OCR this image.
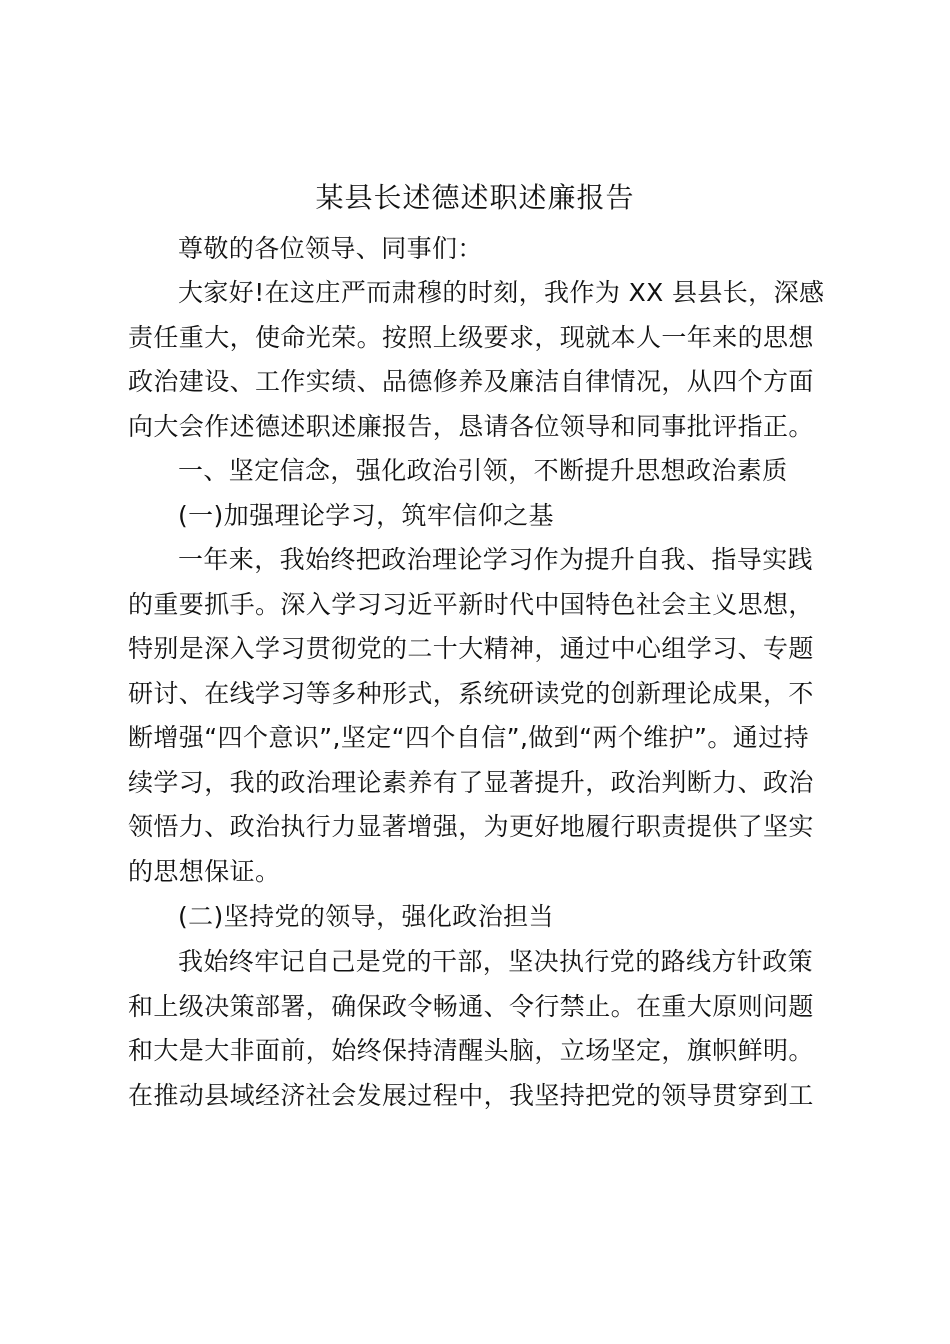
某县长述德述职述廉报告
尊敬的各位领导、同事们：
大家好!在这庄严而肃穆的时刻，我作为 XX 县县长，深感
责任重大，使命光荣。按照上级要求，现就本人一年来的思想
政治建设、工作实绩、品德修养及廉洁自律情况，从四个方面
向大会作述德述职述廉报告，恳请各位领导和同事批评指正。
一、坚定信念，强化政治引领，不断提升思想政治素质
(一)加强理论学习，筑牢信仰之基
一年来，我始终把政治理论学习作为提升自我、指导实践
的重要抓手。深入学习习近平新时代中国特色社会主义思想，
特别是深入学习贯彻党的二十大精神，通过中心组学习、专题
研讨、在线学习等多种形式，系统研读党的创新理论成果，不
断增强“四个意识”,坚定“四个自信”,做到“两个维护”。通过持
续学习，我的政治理论素养有了显著提升，政治判断力、政治
领悟力、政治执行力显著增强，为更好地履行职责提供了坚实
的思想保证。
(二)坚持党的领导，强化政治担当
我始终牢记自己是党的干部，坚决执行党的路线方针政策
和上级决策部署，确保政令畅通、令行禁止。在重大原则问题
和大是大非面前，始终保持清醒头脑，立场坚定，旗帜鲜明。
在推动县域经济社会发展过程中，我坚持把党的领导贯穿到工
